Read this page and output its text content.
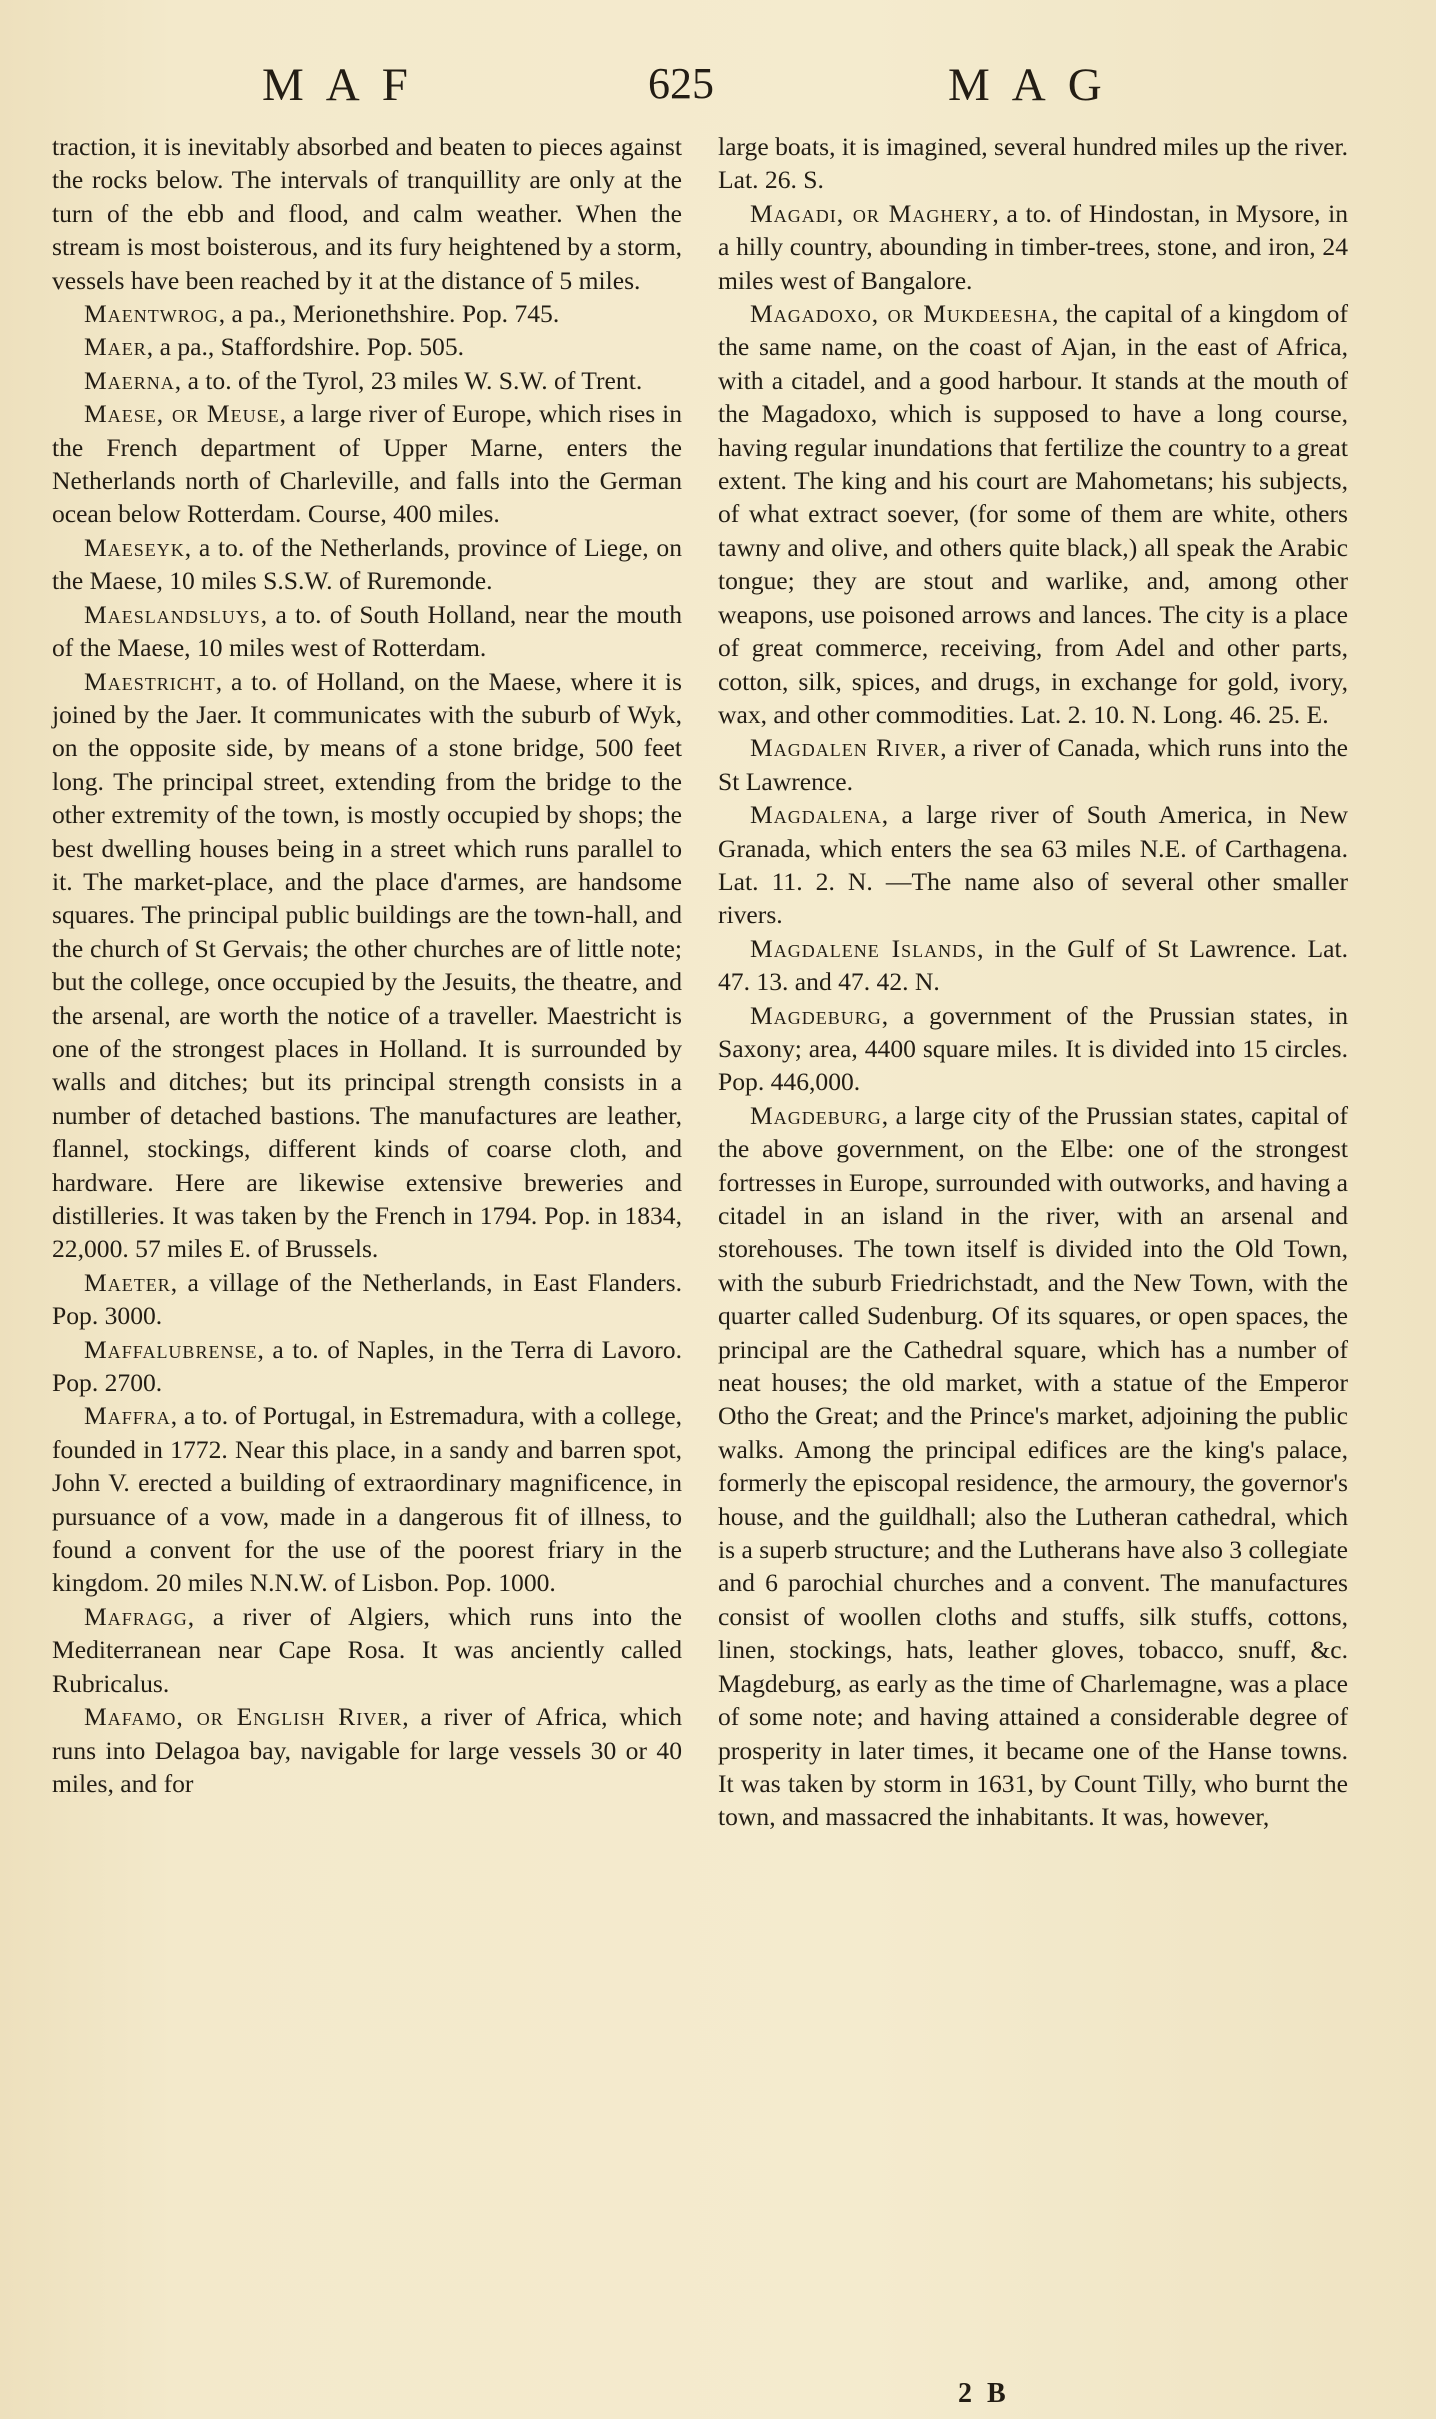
MAF	625	MAG

traction, it is inevitably absorbed and beaten to pieces against the rocks below. The intervals of tranquillity are only at the turn of the ebb and flood, and calm weather. When the stream is most boisterous, and its fury heightened by a storm, vessels have been reached by it at the distance of 5 miles.

Maentwrog, a pa., Merionethshire. Pop. 745.

Maer, a pa., Staffordshire. Pop. 505.

Maerna, a to. of the Tyrol, 23 miles W. S.W. of Trent.

Maese, or Meuse, a large river of Europe, which rises in the French department of Upper Marne, enters the Netherlands north of Charleville, and falls into the German ocean below Rotterdam. Course, 400 miles.

Maeseyk, a to. of the Netherlands, province of Liege, on the Maese, 10 miles S.S.W. of Ruremonde.

Maeslandsluys, a to. of South Holland, near the mouth of the Maese, 10 miles west of Rotterdam.

Maestricht, a to. of Holland, on the Maese, where it is joined by the Jaer. It communicates with the suburb of Wyk, on the opposite side, by means of a stone bridge, 500 feet long. The principal street, extending from the bridge to the other extremity of the town, is mostly occupied by shops; the best dwelling houses being in a street which runs parallel to it. The market-place, and the place d'armes, are handsome squares. The principal public buildings are the town-hall, and the church of St Gervais; the other churches are of little note; but the college, once occupied by the Jesuits, the theatre, and the arsenal, are worth the notice of a traveller. Maestricht is one of the strongest places in Holland. It is surrounded by walls and ditches; but its principal strength consists in a number of detached bastions. The manufactures are leather, flannel, stockings, different kinds of coarse cloth, and hardware. Here are likewise extensive breweries and distilleries. It was taken by the French in 1794. Pop. in 1834, 22,000. 57 miles E. of Brussels.

Maeter, a village of the Netherlands, in East Flanders. Pop. 3000.

Maffalubrense, a to. of Naples, in the Terra di Lavoro. Pop. 2700.

Maffra, a to. of Portugal, in Estremadura, with a college, founded in 1772. Near this place, in a sandy and barren spot, John V. erected a building of extraordinary magnificence, in pursuance of a vow, made in a dangerous fit of illness, to found a convent for the use of the poorest friary in the kingdom. 20 miles N.N.W. of Lisbon. Pop. 1000.

Mafragg, a river of Algiers, which runs into the Mediterranean near Cape Rosa. It was anciently called Rubricalus.

Mafamo, or English River, a river of Africa, which runs into Delagoa bay, navigable for large vessels 30 or 40 miles, and for

large boats, it is imagined, several hundred miles up the river. Lat. 26. S.

Magadi, or Maghery, a to. of Hindostan, in Mysore, in a hilly country, abounding in timber-trees, stone, and iron, 24 miles west of Bangalore.

Magadoxo, or Mukdeesha, the capital of a kingdom of the same name, on the coast of Ajan, in the east of Africa, with a citadel, and a good harbour. It stands at the mouth of the Magadoxo, which is supposed to have a long course, having regular inundations that fertilize the country to a great extent. The king and his court are Mahometans; his subjects, of what extract soever, (for some of them are white, others tawny and olive, and others quite black,) all speak the Arabic tongue; they are stout and warlike, and, among other weapons, use poisoned arrows and lances. The city is a place of great commerce, receiving, from Adel and other parts, cotton, silk, spices, and drugs, in exchange for gold, ivory, wax, and other commodities. Lat. 2. 10. N. Long. 46. 25. E.

Magdalen River, a river of Canada, which runs into the St Lawrence.

Magdalena, a large river of South America, in New Granada, which enters the sea 63 miles N.E. of Carthagena. Lat. 11. 2. N. —The name also of several other smaller rivers.

Magdalene Islands, in the Gulf of St Lawrence. Lat. 47. 13. and 47. 42. N.

Magdeburg, a government of the Prussian states, in Saxony; area, 4400 square miles. It is divided into 15 circles. Pop. 446,000.

Magdeburg, a large city of the Prussian states, capital of the above government, on the Elbe: one of the strongest fortresses in Europe, surrounded with outworks, and having a citadel in an island in the river, with an arsenal and storehouses. The town itself is divided into the Old Town, with the suburb Friedrichstadt, and the New Town, with the quarter called Sudenburg. Of its squares, or open spaces, the principal are the Cathedral square, which has a number of neat houses; the old market, with a statue of the Emperor Otho the Great; and the Prince's market, adjoining the public walks. Among the principal edifices are the king's palace, formerly the episcopal residence, the armoury, the governor's house, and the guildhall; also the Lutheran cathedral, which is a superb structure; and the Lutherans have also 3 collegiate and 6 parochial churches and a convent. The manufactures consist of woollen cloths and stuffs, silk stuffs, cottons, linen, stockings, hats, leather gloves, tobacco, snuff, &c. Magdeburg, as early as the time of Charlemagne, was a place of some note; and having attained a considerable degree of prosperity in later times, it became one of the Hanse towns. It was taken by storm in 1631, by Count Tilly, who burnt the town, and massacred the inhabitants. It was, however,

2 B
